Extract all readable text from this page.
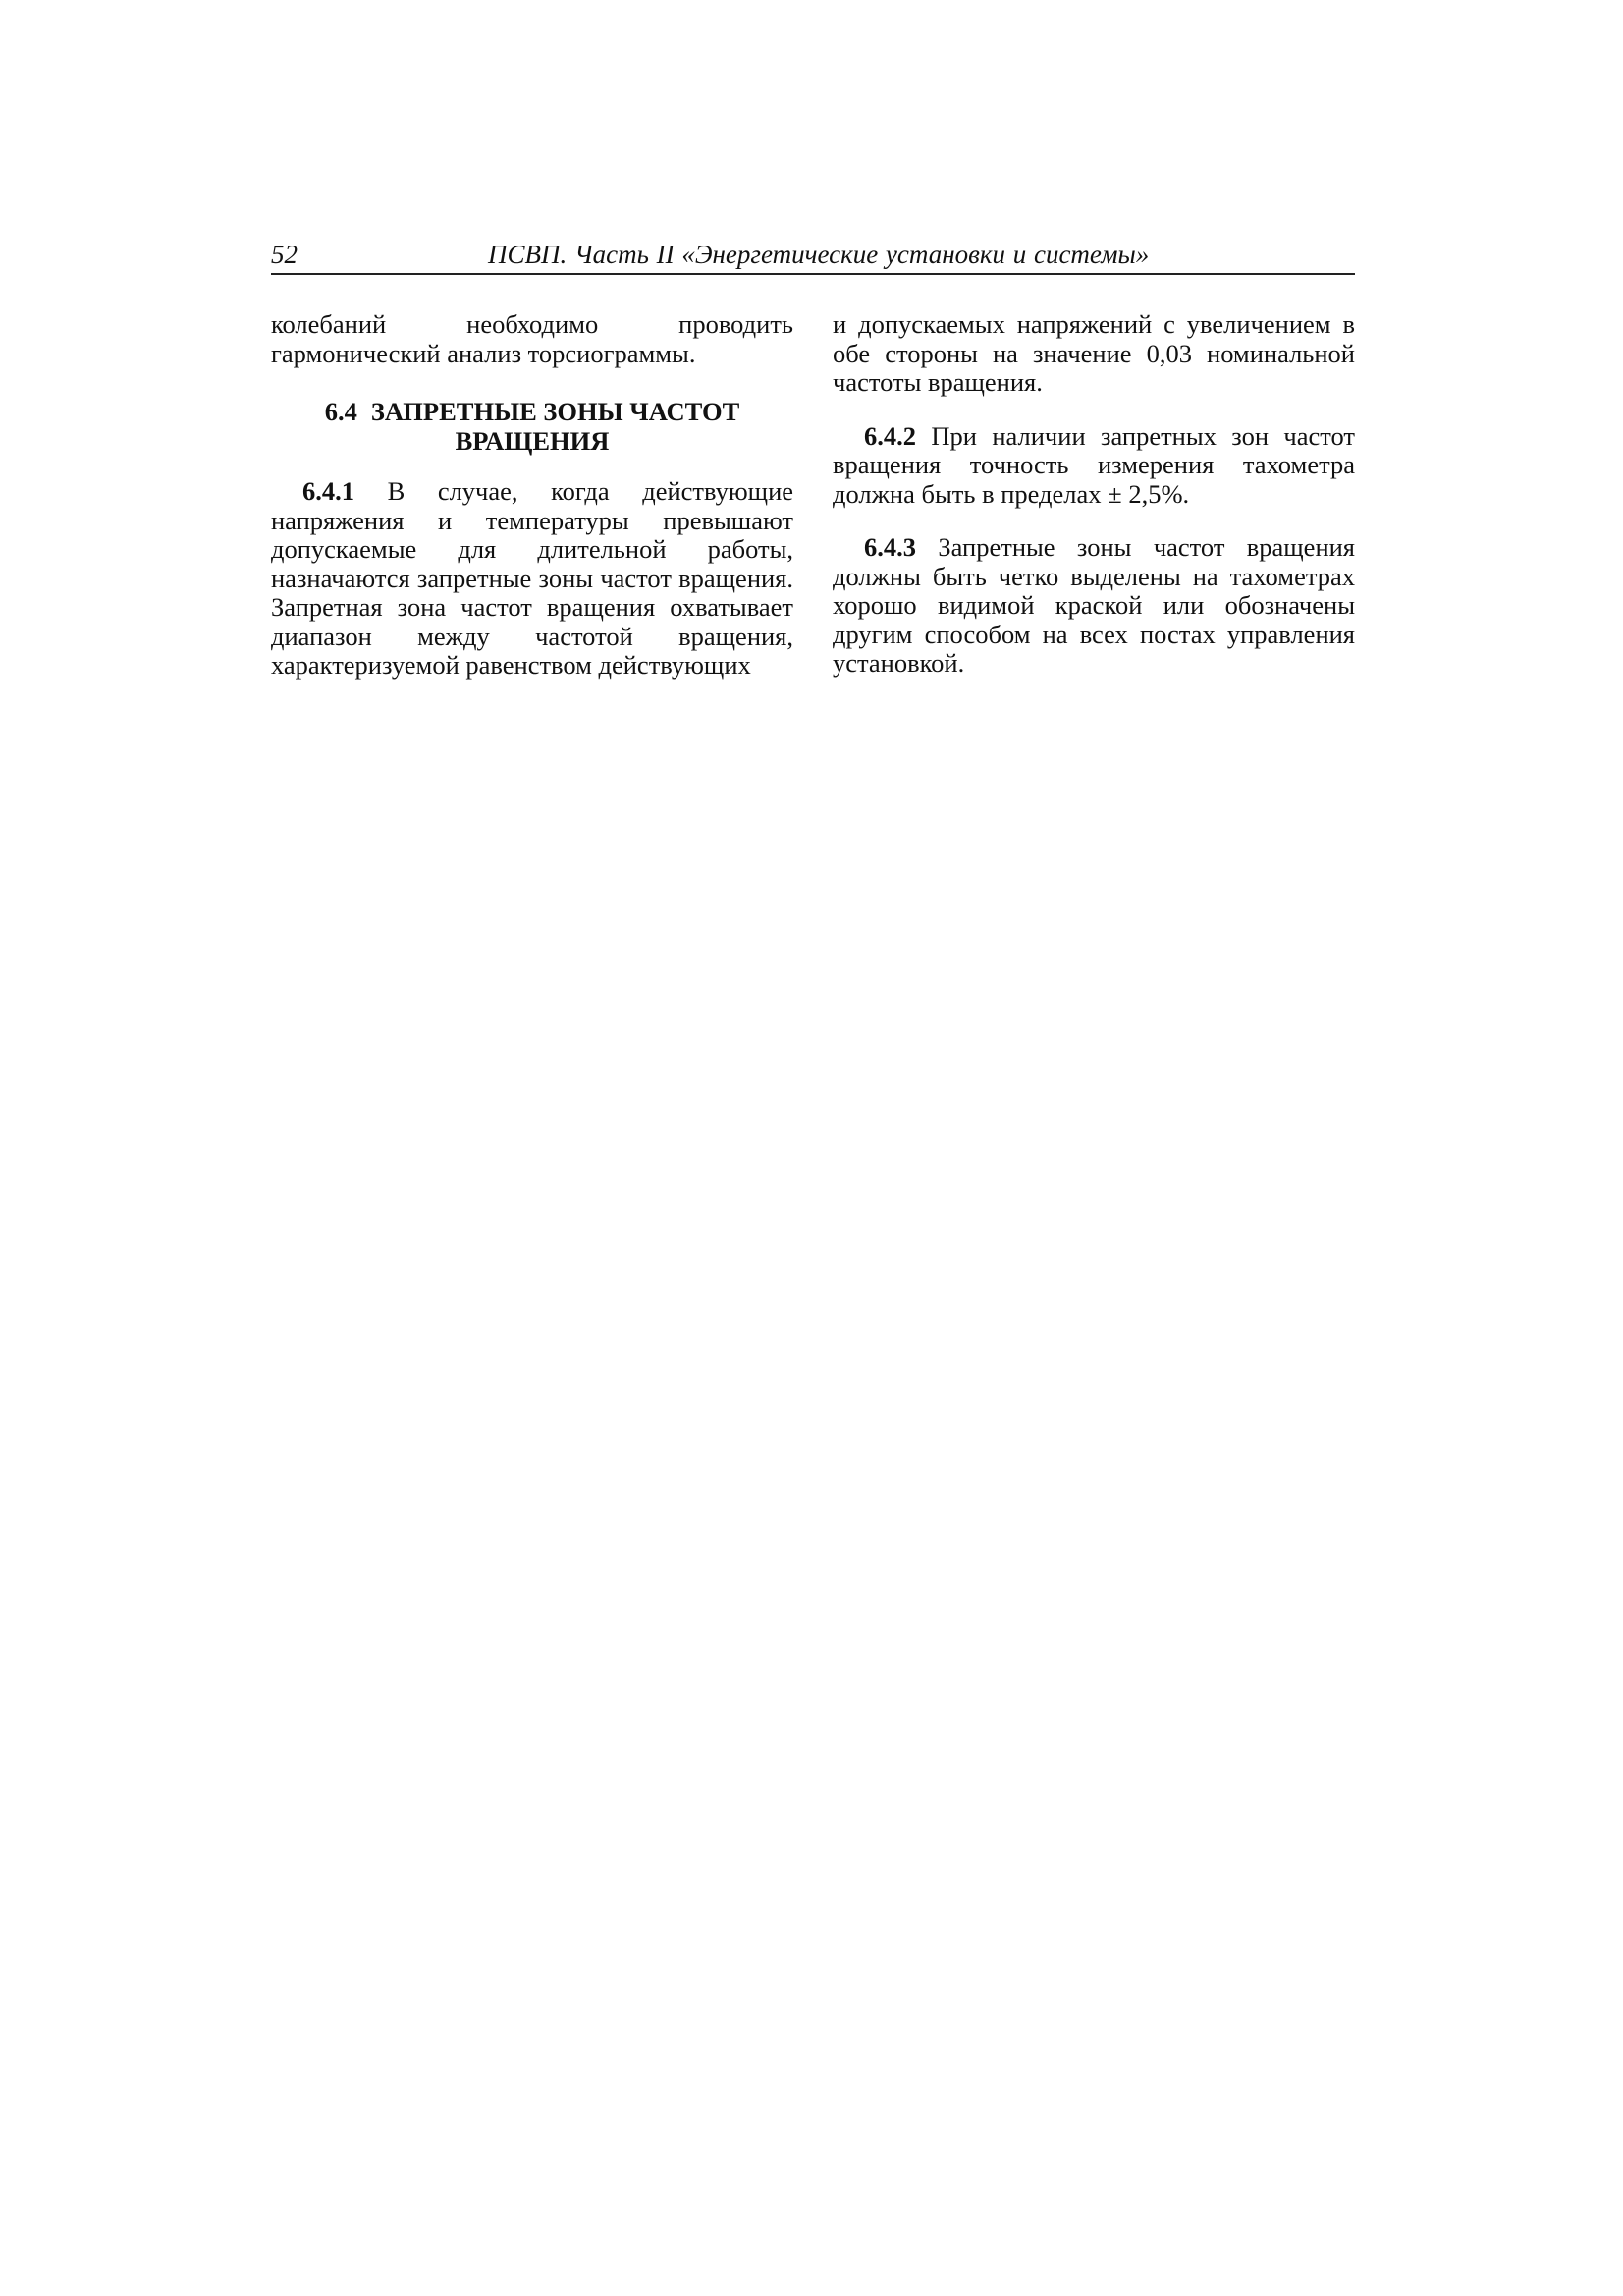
52	ПСВП. Часть II «Энергетические установки и системы»

колебаний необходимо проводить гармонический анализ торсиограммы.

6.4 ЗАПРЕТНЫЕ ЗОНЫ ЧАСТОТ
ВРАЩЕНИЯ

6.4.1 В случае, когда действующие напряжения и температуры превышают допускаемые для длительной работы, назначаются запретные зоны частот вращения. Запретная зона частот вращения охватывает диапазон между частотой вращения, характеризуемой равенством действующих

и допускаемых напряжений с увеличением в обе стороны на значение 0,03 номинальной частоты вращения.

6.4.2 При наличии запретных зон частот вращения точность измерения тахометра должна быть в пределах ± 2,5%.

6.4.3 Запретные зоны частот вращения должны быть четко выделены на тахометрах хорошо видимой краской или обозначены другим способом на всех постах управления установкой.
